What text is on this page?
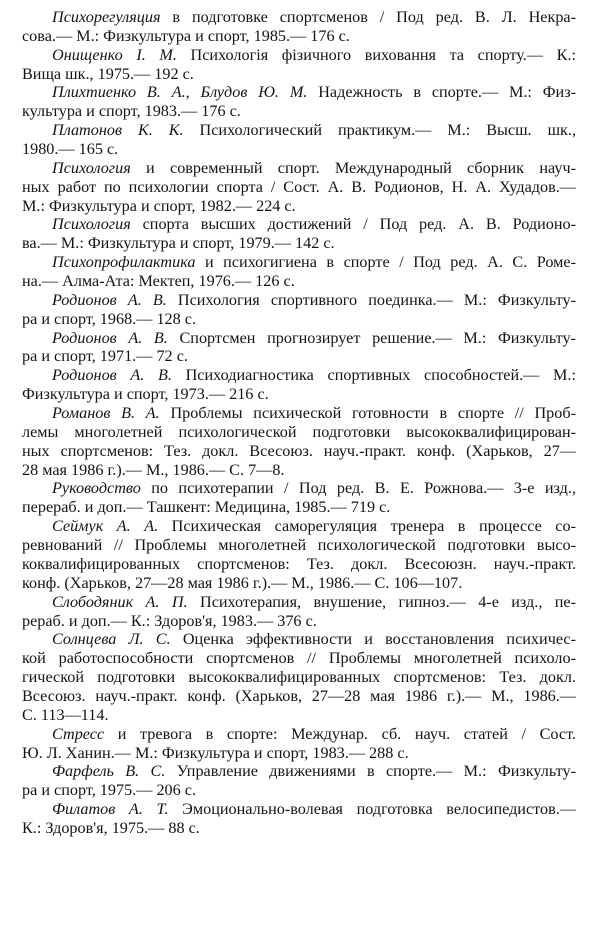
Психорегуляция в подготовке спортсменов / Под ред. В. Л. Некра-
сова.— М.: Физкультура и спорт, 1985.— 176 с.
Онищенко І. М. Психологія фізичного виховання та спорту.— К.:
Вища шк., 1975.— 192 с.
Плихтиенко В. А., Блудов Ю. М. Надежность в спорте.— М.: Физ-
культура и спорт, 1983.— 176 с.
Платонов К. К. Психологический практикум.— М.: Высш. шк.,
1980.— 165 с.
Психология и современный спорт. Международный сборник науч-
ных работ по психологии спорта / Сост. А. В. Родионов, Н. А. Худадов.—
М.: Физкультура и спорт, 1982.— 224 с.
Психология спорта высших достижений / Под ред. А. В. Родионо-
ва.— М.: Физкультура и спорт, 1979.— 142 с.
Психопрофилактика и психогигиена в спорте / Под ред. А. С. Роме-
на.— Алма-Ата: Мектеп, 1976.— 126 с.
Родионов А. В. Психология спортивного поединка.— М.: Физкульту-
ра и спорт, 1968.— 128 с.
Родионов А. В. Спортсмен прогнозирует решение.— М.: Физкульту-
ра и спорт, 1971.— 72 с.
Родионов А. В. Психодиагностика спортивных способностей.— М.:
Физкультура и спорт, 1973.— 216 с.
Романов В. А. Проблемы психической готовности в спорте // Проб-
лемы многолетней психологической подготовки высококвалифицирован-
ных спортсменов: Тез. докл. Всесоюз. науч.-практ. конф. (Харьков, 27—
28 мая 1986 г.).— М., 1986.— С. 7—8.
Руководство по психотерапии / Под ред. В. Е. Рожнова.— 3-е изд.,
перераб. и доп.— Ташкент: Медицина, 1985.— 719 с.
Сеймук А. А. Психическая саморегуляция тренера в процессе со-
ревнований // Проблемы многолетней психологической подготовки высо-
коквалифицированных спортсменов: Тез. докл. Всесоюзн. науч.-практ.
конф. (Харьков, 27—28 мая 1986 г.).— М., 1986.— С. 106—107.
Слободяник А. П. Психотерапия, внушение, гипноз.— 4-е изд., пе-
рераб. и доп.— К.: Здоров'я, 1983.— 376 с.
Солнцева Л. С. Оценка эффективности и восстановления психичес-
кой работоспособности спортсменов // Проблемы многолетней психоло-
гической подготовки высококвалифицированных спортсменов: Тез. докл.
Всесоюз. науч.-практ. конф. (Харьков, 27—28 мая 1986 г.).— М., 1986.—
С. 113—114.
Стресс и тревога в спорте: Междунар. сб. науч. статей / Сост.
Ю. Л. Ханин.— М.: Физкультура и спорт, 1983.— 288 с.
Фарфель В. С. Управление движениями в спорте.— М.: Физкульту-
ра и спорт, 1975.— 206 с.
Филатов А. Т. Эмоционально-волевая подготовка велосипедистов.—
К.: Здоров'я, 1975.— 88 с.
